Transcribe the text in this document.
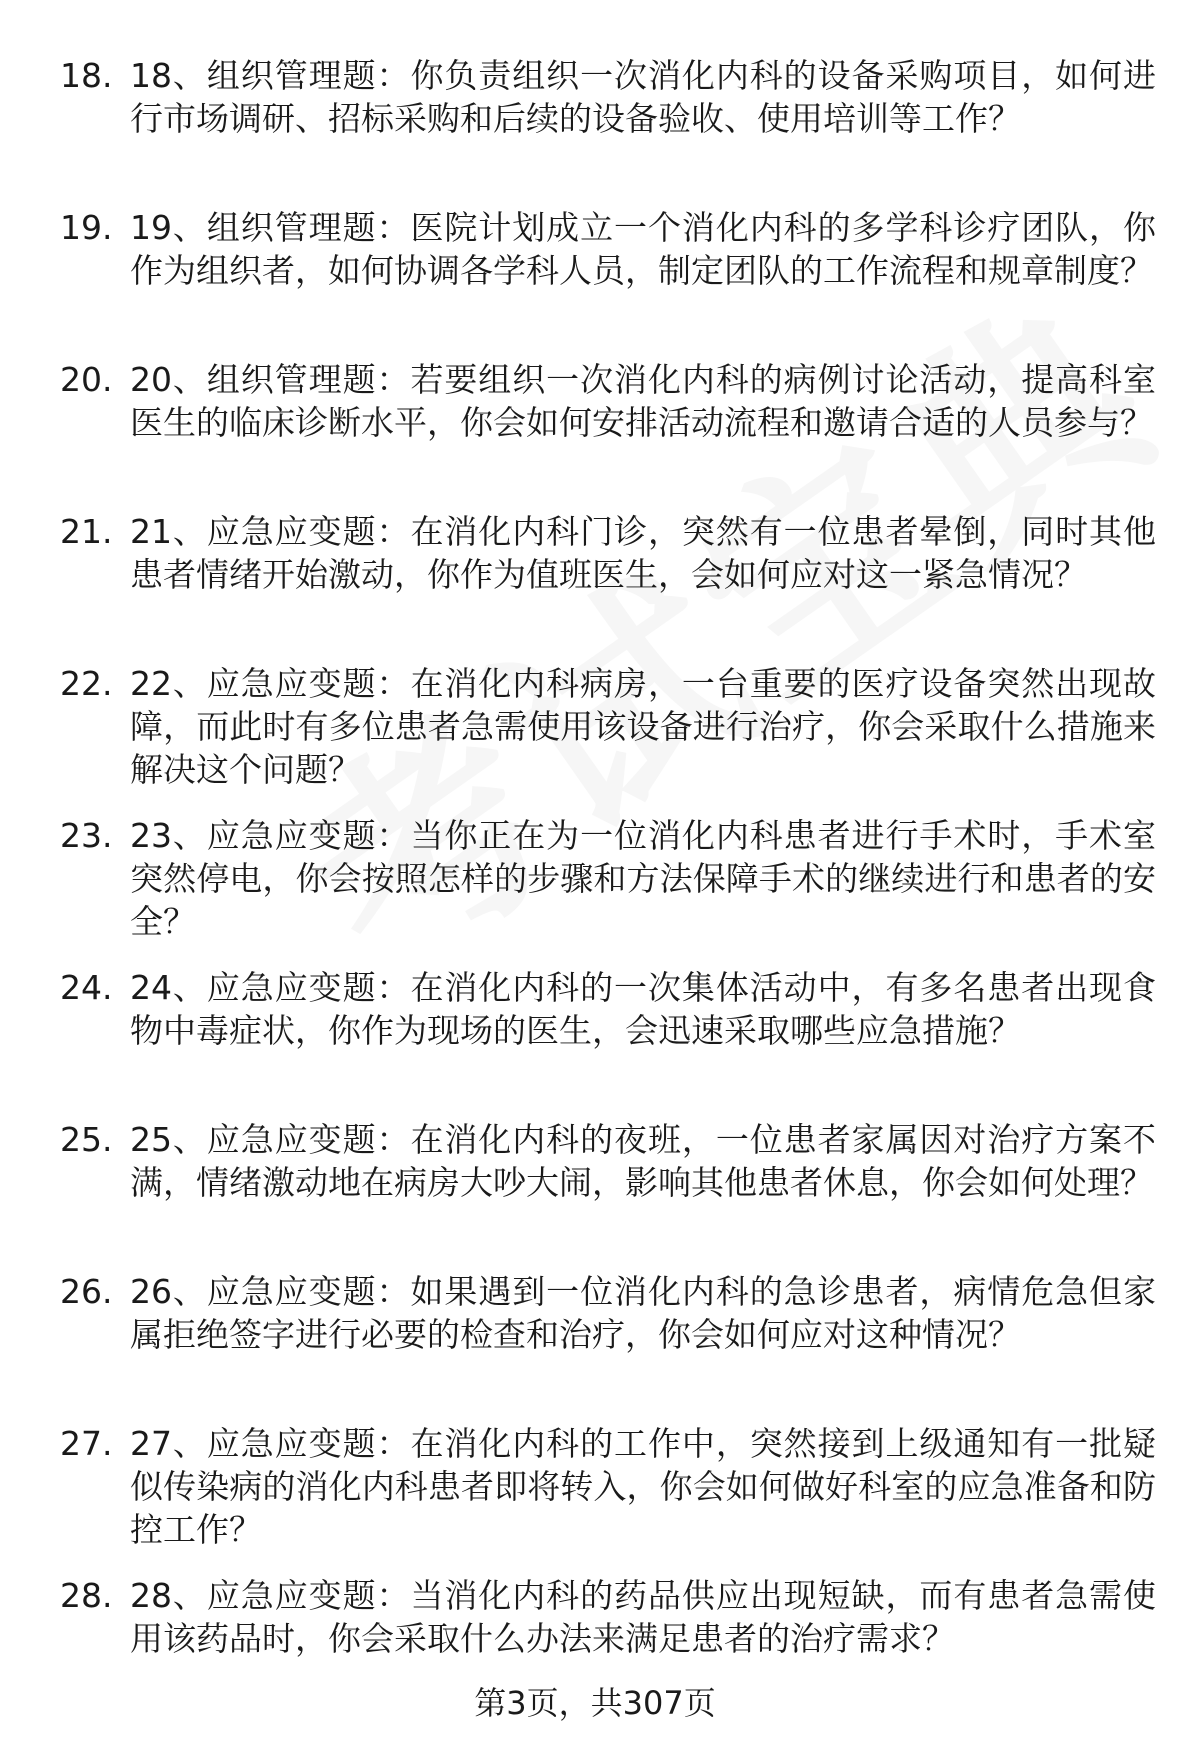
18. 18、组织管理题：你负责组织一次消化内科的设备采购项目，如何进行市场调研、招标采购和后续的设备验收、使用培训等工作？
19. 19、组织管理题：医院计划成立一个消化内科的多学科诊疗团队，你作为组织者，如何协调各学科人员，制定团队的工作流程和规章制度？
20. 20、组织管理题：若要组织一次消化内科的病例讨论活动，提高科室医生的临床诊断水平，你会如何安排活动流程和邀请合适的人员参与？
21. 21、应急应变题：在消化内科门诊，突然有一位患者晕倒，同时其他患者情绪开始激动，你作为值班医生，会如何应对这一紧急情况？
22. 22、应急应变题：在消化内科病房，一台重要的医疗设备突然出现故障，而此时有多位患者急需使用该设备进行治疗，你会采取什么措施来解决这个问题？
23. 23、应急应变题：当你正在为一位消化内科患者进行手术时，手术室突然停电，你会按照怎样的步骤和方法保障手术的继续进行和患者的安全？
24. 24、应急应变题：在消化内科的一次集体活动中，有多名患者出现食物中毒症状，你作为现场的医生，会迅速采取哪些应急措施？
25. 25、应急应变题：在消化内科的夜班，一位患者家属因对治疗方案不满，情绪激动地在病房大吵大闹，影响其他患者休息，你会如何处理？
26. 26、应急应变题：如果遇到一位消化内科的急诊患者，病情危急但家属拒绝签字进行必要的检查和治疗，你会如何应对这种情况？
27. 27、应急应变题：在消化内科的工作中，突然接到上级通知有一批疑似传染病的消化内科患者即将转入，你会如何做好科室的应急准备和防控工作？
28. 28、应急应变题：当消化内科的药品供应出现短缺，而有患者急需使用该药品时，你会采取什么办法来满足患者的治疗需求？
第3页，共307页
